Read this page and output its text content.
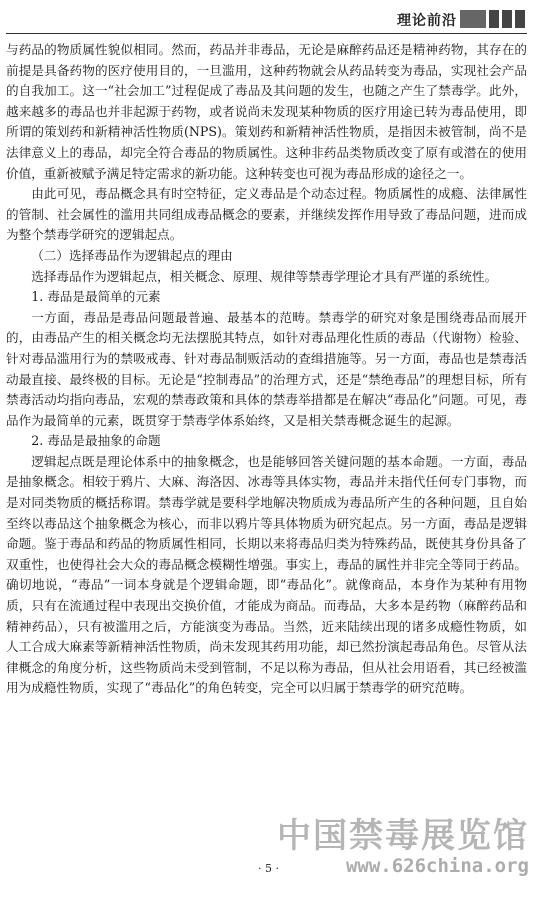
理论前沿

与药品的物质属性貌似相同。然而，药品并非毒品，无论是麻醉药品还是精神药物，其存在的前提是具备药物的医疗使用目的，一旦滥用，这种药物就会从药品转变为毒品，实现社会产品的自我加工。这一“社会加工”过程促成了毒品及其问题的发生，也随之产生了禁毒学。此外，越来越多的毒品也并非起源于药物，或者说尚未发现某种物质的医疗用途已转为毒品使用，即所谓的策划药和新精神活性物质(NPS)。策划药和新精神活性物质，是指因未被管制，尚不是法律意义上的毒品，却完全符合毒品的物质属性。这种非药品类物质改变了原有或潜在的使用价值，重新被赋予满足特定需求的新功能。这种转变也可视为毒品形成的途径之一。

由此可见，毒品概念具有时空特征，定义毒品是个动态过程。物质属性的成瘾、法律属性的管制、社会属性的滥用共同组成毒品概念的要素，并继续发挥作用导致了毒品问题，进而成为整个禁毒学研究的逻辑起点。

（二）选择毒品作为逻辑起点的理由

选择毒品作为逻辑起点，相关概念、原理、规律等禁毒学理论才具有严谨的系统性。

1. 毒品是最简单的元素

一方面，毒品是毒品问题最普遍、最基本的范畴。禁毒学的研究对象是围绕毒品而展开的，由毒品产生的相关概念均无法摆脱其特点，如针对毒品理化性质的毒品（代谢物）检验、针对毒品滥用行为的禁吸戒毒、针对毒品制贩活动的查缉措施等。另一方面，毒品也是禁毒活动最直接、最终极的目标。无论是“控制毒品”的治理方式，还是“禁绝毒品”的理想目标，所有禁毒活动均指向毒品，宏观的禁毒政策和具体的禁毒举措都是在解决“毒品化”问题。可见，毒品作为最简单的元素，既贯穿于禁毒学体系始终，又是相关禁毒概念诞生的起源。

2. 毒品是最抽象的命题

逻辑起点既是理论体系中的抽象概念，也是能够回答关键问题的基本命题。一方面，毒品是抽象概念。相较于鸦片、大麻、海洛因、冰毒等具体实物，毒品并未指代任何专门事物，而是对同类物质的概括称谓。禁毒学就是要科学地解决物质成为毒品所产生的各种问题，且自始至终以毒品这个抽象概念为核心，而非以鸦片等具体物质为研究起点。另一方面，毒品是逻辑命题。鉴于毒品和药品的物质属性相同，长期以来将毒品归类为特殊药品，既使其身份具备了双重性，也使得社会大众的毒品概念模糊性增强。事实上，毒品的属性并非完全等同于药品。确切地说，“毒品”一词本身就是个逻辑命题，即“毒品化”。就像商品，本身作为某种有用物质，只有在流通过程中表现出交换价值，才能成为商品。而毒品，大多本是药物（麻醉药品和精神药品），只有被滥用之后，方能演变为毒品。当然，近来陆续出现的诸多成瘾性物质，如人工合成大麻素等新精神活性物质，尚未发现其药用功能，却已然扮演起毒品角色。尽管从法律概念的角度分析，这些物质尚未受到管制，不足以称为毒品，但从社会用语看，其已经被滥用为成瘾性物质，实现了“毒品化”的角色转变，完全可以归属于禁毒学的研究范畴。

中国禁毒展览馆
www.626china.org
· 5 ·
